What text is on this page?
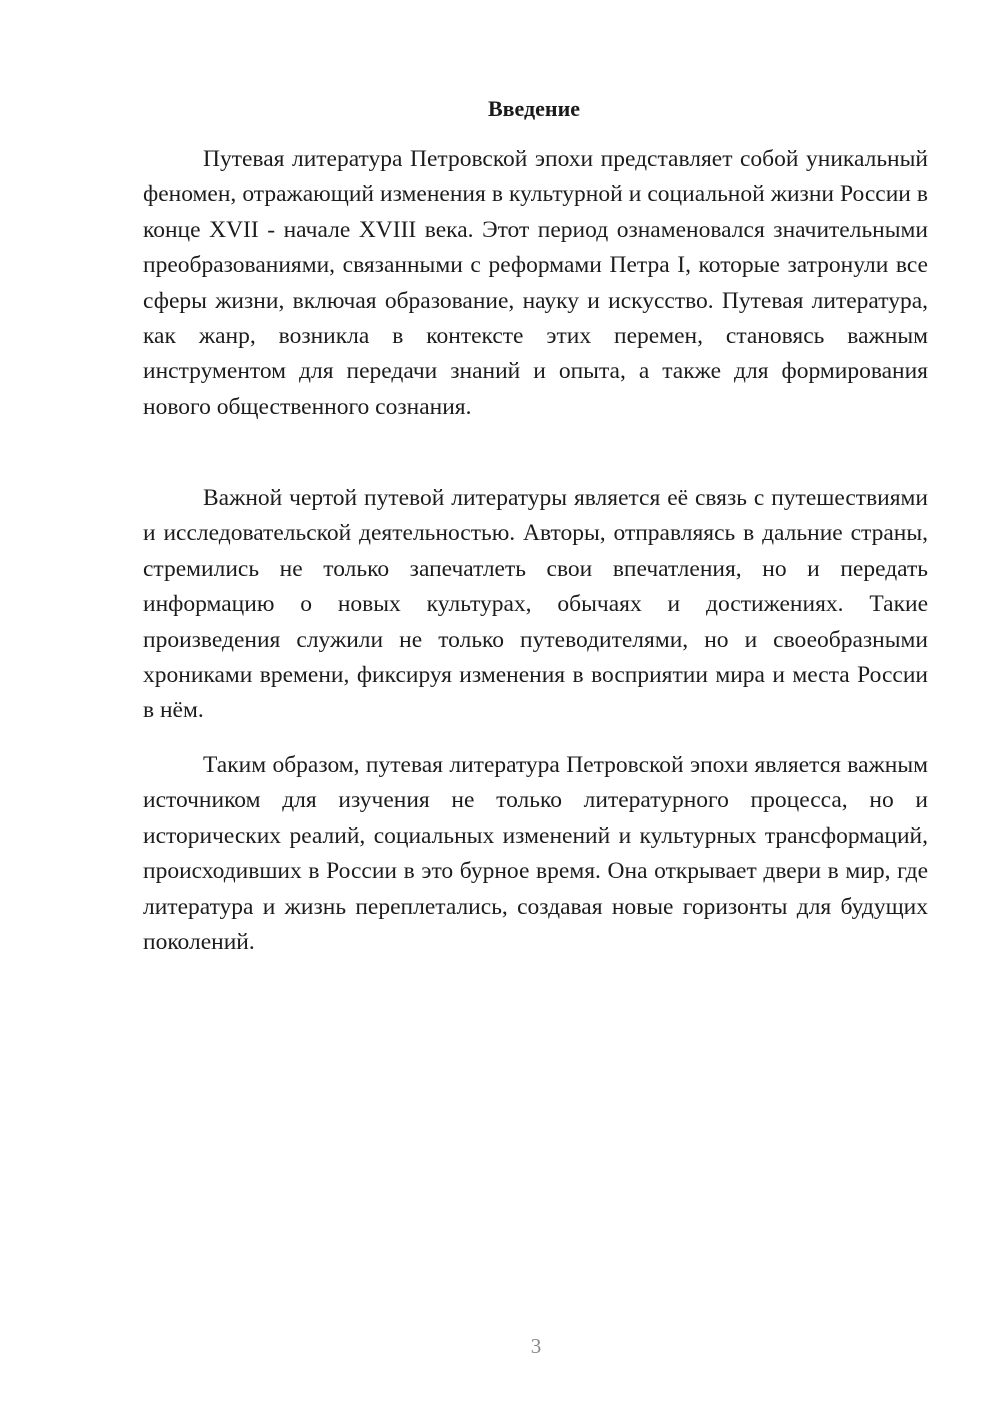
Введение

Путевая литература Петровской эпохи представляет собой уникальный феномен, отражающий изменения в культурной и социальной жизни России в конце XVII - начале XVIII века. Этот период ознаменовался значительными преобразованиями, связанными с реформами Петра I, которые затронули все сферы жизни, включая образование, науку и искусство. Путевая литература, как жанр, возникла в контексте этих перемен, становясь важным инструментом для передачи знаний и опыта, а также для формирования нового общественного сознания.

Важной чертой путевой литературы является её связь с путешествиями и исследовательской деятельностью. Авторы, отправляясь в дальние страны, стремились не только запечатлеть свои впечатления, но и передать информацию о новых культурах, обычаях и достижениях. Такие произведения служили не только путеводителями, но и своеобразными хрониками времени, фиксируя изменения в восприятии мира и места России в нём.

Таким образом, путевая литература Петровской эпохи является важным источником для изучения не только литературного процесса, но и исторических реалий, социальных изменений и культурных трансформаций, происходивших в России в это бурное время. Она открывает двери в мир, где литература и жизнь переплетались, создавая новые горизонты для будущих поколений.

3
